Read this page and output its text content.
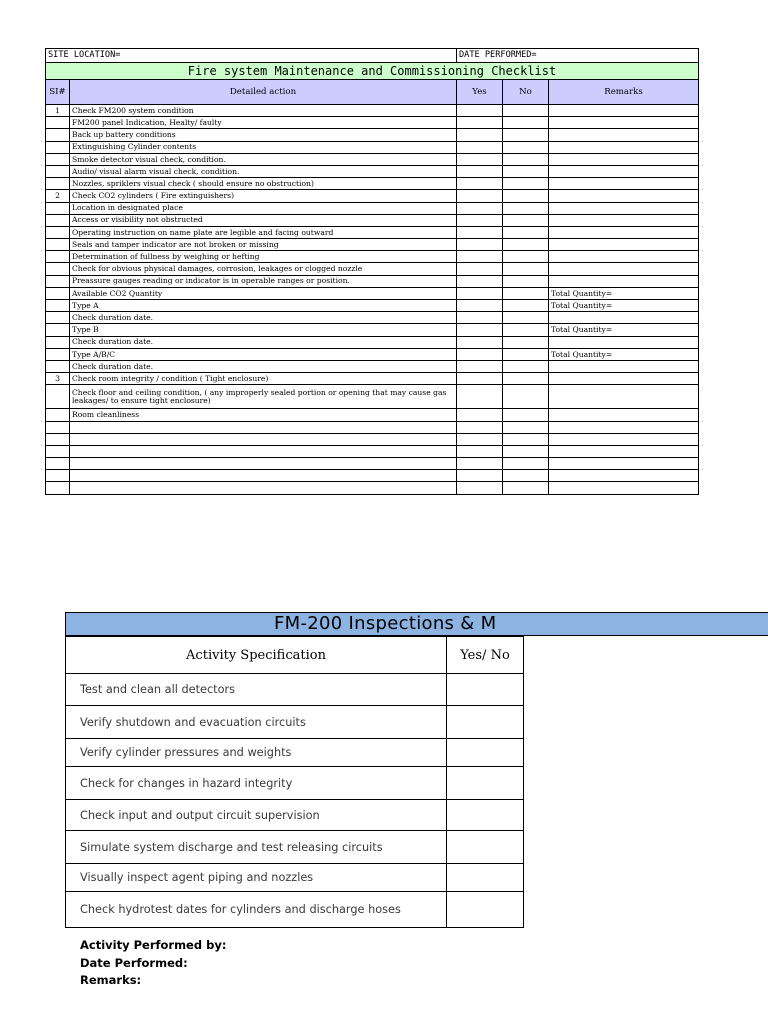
SITE LOCATION=		DATE PERFORMED=		
Fire system Maintenance and Commissioning Checklist				
SI#	Detailed action	Yes	No	Remarks
1	Check FM200 system condition			
	FM200 panel Indication, Healty/ faulty			
	Back up battery conditions			
	Extinguishing Cylinder contents			
	Smoke detector visual check, condition.			
	Audio/ visual alarm visual check, condition.			
	Nozzles, spriklers visual check ( should ensure no obstruction)			
2	Check CO2 cylinders ( Fire extinguishers)			
	Location in designated place			
	Access or visibility not obstructed			
	Operating instruction on name plate are legible and facing outward			
	Seals and tamper indicator are not broken or missing			
	Determination of fullness by weighing or hefting			
	Check for obvious physical damages, corrosion, leakages or clogged nozzle			
	Preassure gauges reading or indicator is in operable ranges or position.			
	Available CO2 Quantity			Total Quantity=
	Type A			Total Quantity=
	Check duration date.			
	Type B			Total Quantity=
	Check duration date.			
	Type A/B/C			Total Quantity=
	Check duration date.			
3	Check room integrity / condition ( Tight enclosure)			
	Check floor and ceiling condition, ( any improperly sealed portion or opening that may cause gas leakages/ to ensure tight enclosure)			
	Room cleanliness			

FM-200 Inspections & M
Activity Specification	Yes/ No
Test and clean all detectors	
Verify shutdown and evacuation circuits	
Verify cylinder pressures and weights	
Check for changes in hazard integrity	
Check input and output circuit supervision	
Simulate system discharge and test releasing circuits	
Visually inspect agent piping and nozzles	
Check hydrotest dates for cylinders and discharge hoses	
Activity Performed by:
Date Performed:
Remarks:
